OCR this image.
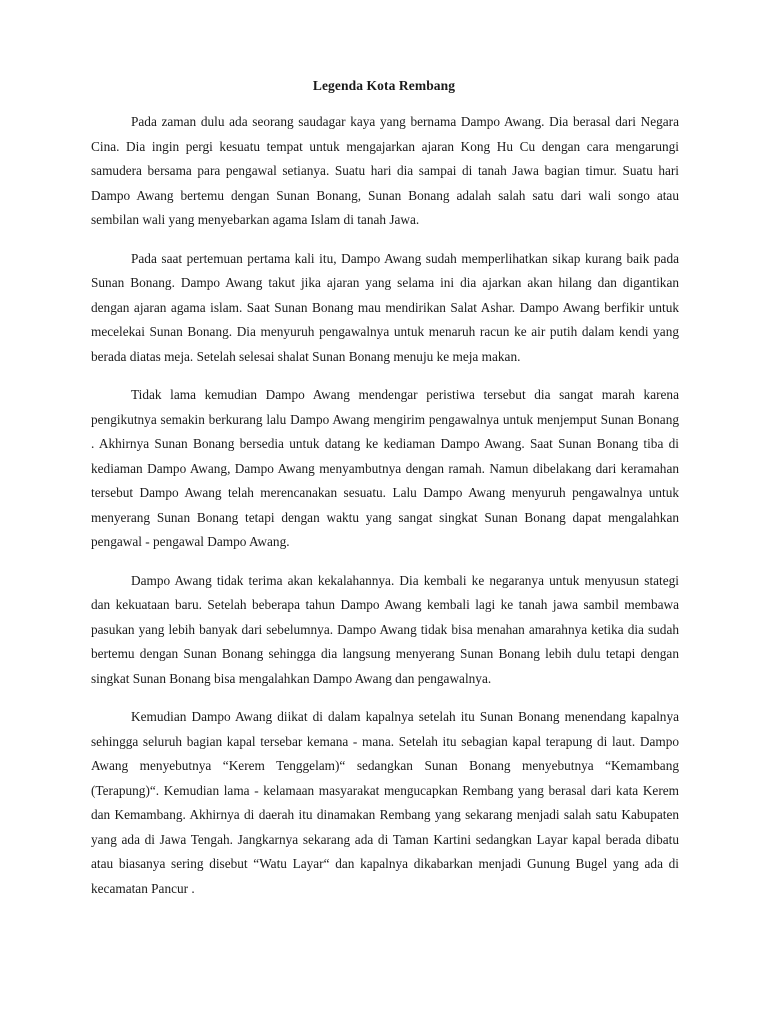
Legenda Kota Rembang

Pada zaman dulu ada seorang saudagar kaya yang bernama Dampo Awang. Dia berasal dari Negara Cina. Dia ingin pergi kesuatu tempat untuk mengajarkan ajaran Kong Hu Cu dengan cara mengarungi samudera bersama para pengawal setianya. Suatu hari dia sampai di tanah Jawa bagian timur. Suatu hari Dampo Awang bertemu dengan Sunan Bonang, Sunan Bonang adalah salah satu dari wali songo atau sembilan wali yang menyebarkan agama Islam di tanah Jawa.

Pada saat pertemuan pertama kali itu, Dampo Awang sudah memperlihatkan sikap kurang baik pada Sunan Bonang. Dampo Awang takut jika ajaran yang selama ini dia ajarkan akan hilang dan digantikan dengan ajaran agama islam. Saat Sunan Bonang mau mendirikan Salat Ashar. Dampo Awang berfikir untuk mecelekai Sunan Bonang. Dia menyuruh pengawalnya untuk menaruh racun ke air putih dalam kendi yang berada diatas meja. Setelah selesai shalat Sunan Bonang menuju ke meja makan.

Tidak lama kemudian Dampo Awang mendengar peristiwa tersebut dia sangat marah karena pengikutnya semakin berkurang lalu Dampo Awang mengirim pengawalnya untuk menjemput Sunan Bonang . Akhirnya Sunan Bonang bersedia untuk datang ke kediaman Dampo Awang. Saat Sunan Bonang tiba di kediaman Dampo Awang, Dampo Awang menyambutnya dengan ramah. Namun dibelakang dari keramahan tersebut Dampo Awang telah merencanakan sesuatu. Lalu Dampo Awang menyuruh pengawalnya untuk menyerang Sunan Bonang tetapi dengan waktu yang sangat singkat Sunan Bonang dapat mengalahkan pengawal - pengawal Dampo Awang.

Dampo Awang tidak terima akan kekalahannya. Dia kembali ke negaranya untuk menyusun stategi dan kekuataan baru. Setelah beberapa tahun Dampo Awang kembali lagi ke tanah jawa sambil membawa pasukan yang lebih banyak dari sebelumnya. Dampo Awang tidak bisa menahan amarahnya ketika dia sudah bertemu dengan Sunan Bonang sehingga dia langsung menyerang Sunan Bonang lebih dulu tetapi dengan singkat Sunan Bonang bisa mengalahkan Dampo Awang dan pengawalnya.

Kemudian Dampo Awang diikat di dalam kapalnya setelah itu Sunan Bonang menendang kapalnya sehingga seluruh bagian kapal tersebar kemana - mana. Setelah itu sebagian kapal terapung di laut. Dampo Awang menyebutnya “Kerem Tenggelam)“ sedangkan Sunan Bonang menyebutnya “Kemambang (Terapung)“. Kemudian lama - kelamaan masyarakat mengucapkan Rembang yang berasal dari kata Kerem dan Kemambang. Akhirnya di daerah itu dinamakan Rembang yang sekarang menjadi salah satu Kabupaten yang ada di Jawa Tengah. Jangkarnya sekarang ada di Taman Kartini sedangkan Layar kapal berada dibatu atau biasanya sering disebut “Watu Layar“ dan kapalnya dikabarkan menjadi Gunung Bugel yang ada di kecamatan Pancur .
